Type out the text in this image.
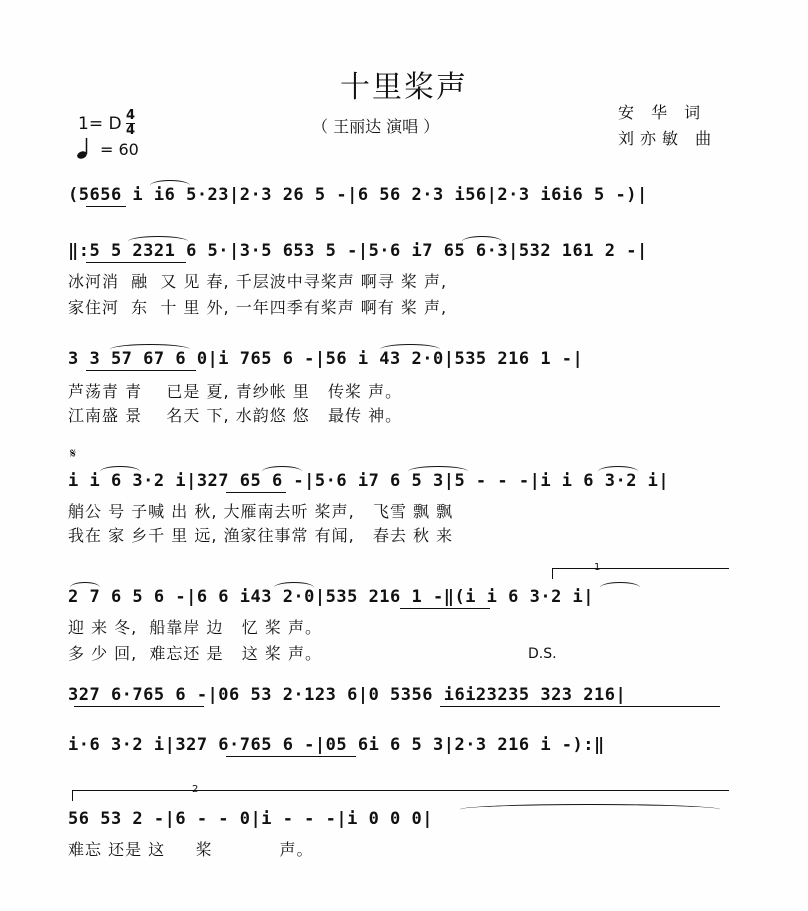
十里桨声
（ 王丽达 演唱 ）
安 华 词
刘亦敏 曲
1= D 4
4
= 60
(5656 i i6 5·23|2·3 26 5 -|6 56 2·3 i56|2·3 i6i6 5 -)|
‖:5 5 2321 6 5·|3·5 653 5 -|5·6 i7 65 6·3|532 161 2 -|
冰河消  融  又 见 春, 千层波中寻桨声 啊寻 桨 声,
家住河  东  十 里 外, 一年四季有桨声 啊有 桨 声,
3 3 57 67 6 0|i 765 6 -|56 i 43 2·0|535 216 1 -|
芦荡青 青    已是 夏, 青纱帐 里   传桨 声。
江南盛 景    名天 下, 水韵悠 悠   最传 神。
𝄋
i i 6 3·2 i|327 65 6 -|5·6 i7 6 5 3|5 - - -|i i 6 3·2 i|
艄公 号 子喊 出 秋, 大雁南去听 桨声,   飞雪 飘 飘
我在 家 乡千 里 远, 渔家往事常 有闻,   春去 秋 来
1
2 7 6 5 6 -|6 6 i43 2·0|535 216 1 -‖(i i 6 3·2 i|
迎 来 冬,  船靠岸 边   忆 桨 声。
多 少 回,  难忘还 是   这 桨 声。	D.S.
327 6·765 6 -|06 53 2·123 6|0 5356 i6i23235 323 216|
i·6 3·2 i|327 6·765 6 -|05 6i 6 5 3|2·3 216 i -):‖
2
56 53 2 -|6 - - 0|i - - -|i 0 0 0|
难忘 还是 这     桨           声。
